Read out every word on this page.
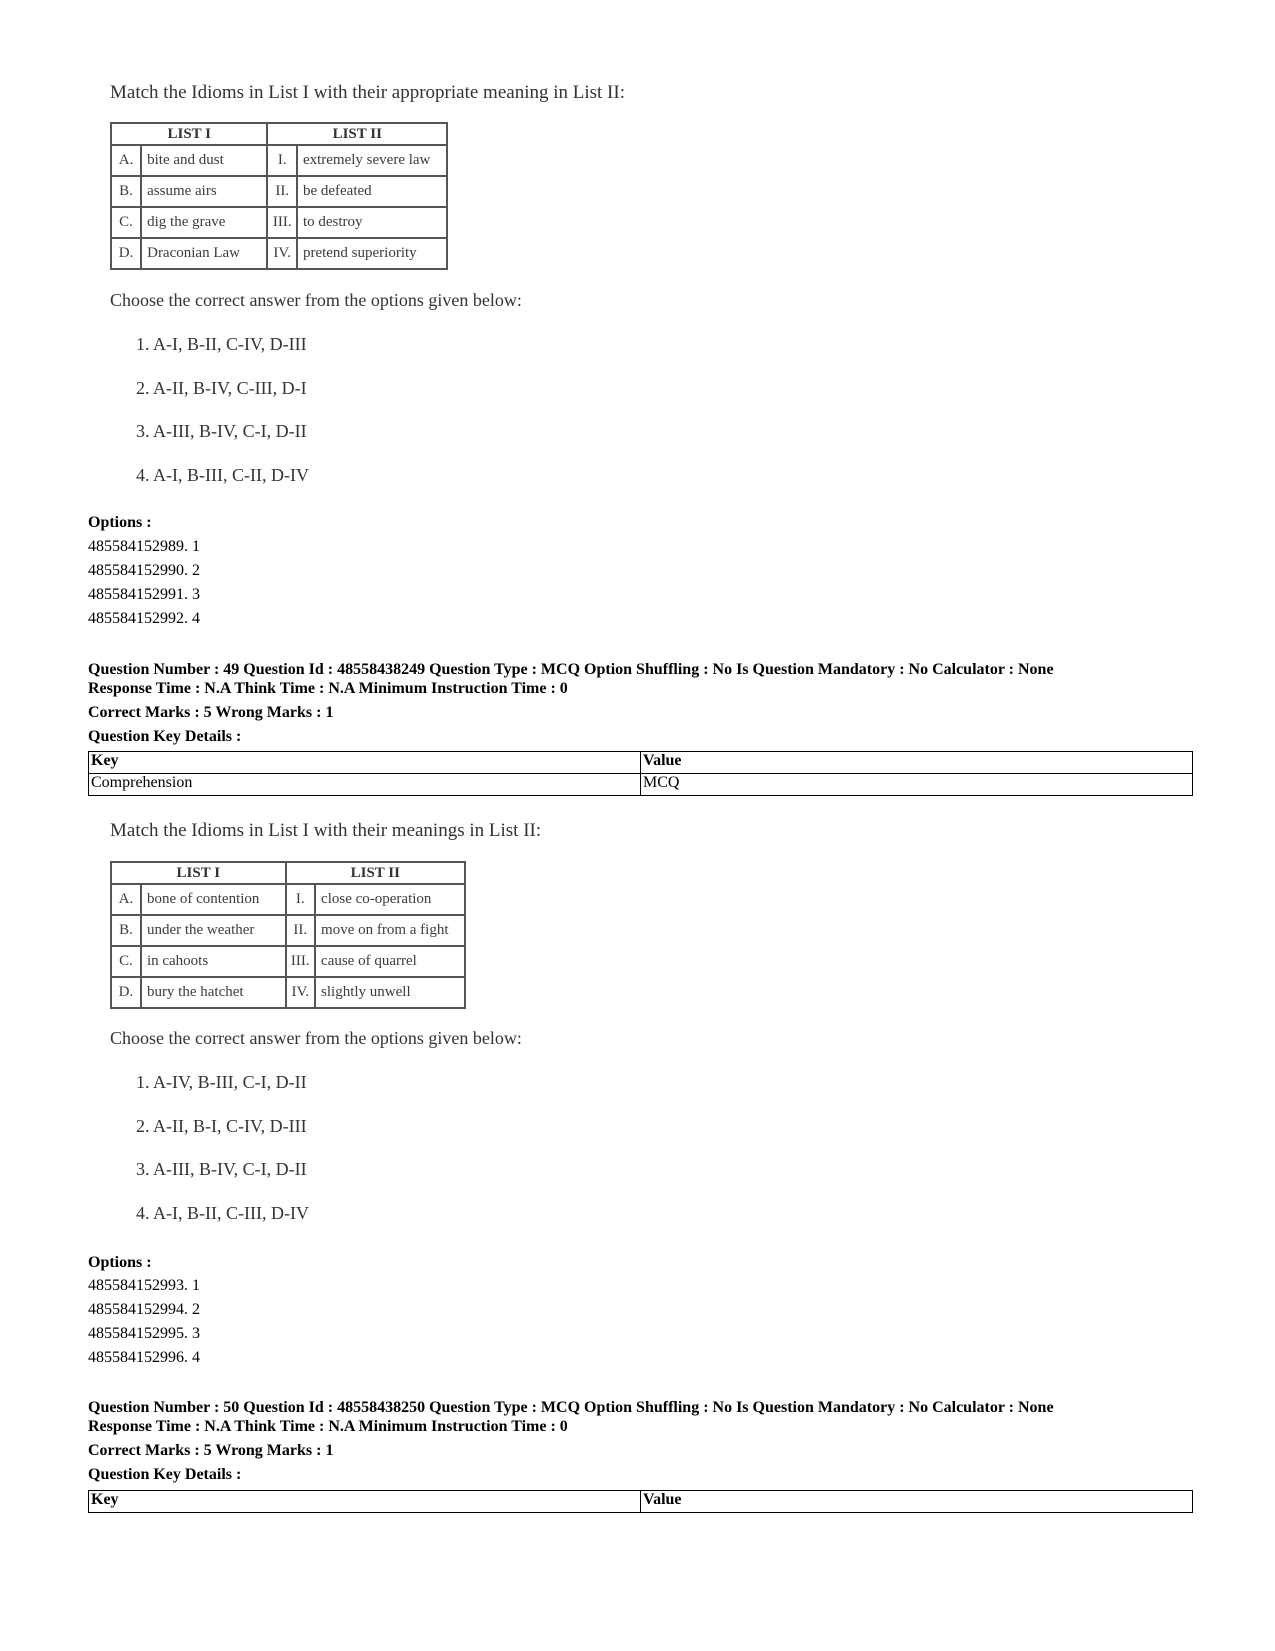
Match the Idioms in List I with their appropriate meaning in List II:
LIST I		LIST II	
A.	bite and dust	I.	extremely severe law
B.	assume airs	II.	be defeated
C.	dig the grave	III.	to destroy
D.	Draconian Law	IV.	pretend superiority
Choose the correct answer from the options given below:
1. A-I, B-II, C-IV, D-III
2. A-II, B-IV, C-III, D-I
3. A-III, B-IV, C-I, D-II
4. A-I, B-III, C-II, D-IV
Options :
485584152989. 1
485584152990. 2
485584152991. 3
485584152992. 4
Question Number : 49 Question Id : 48558438249 Question Type : MCQ Option Shuffling : No Is Question Mandatory : No Calculator : None
Response Time : N.A Think Time : N.A Minimum Instruction Time : 0
Correct Marks : 5 Wrong Marks : 1
Question Key Details :
Key	Value
Comprehension	MCQ
Match the Idioms in List I with their meanings in List II:
LIST I		LIST II	
A.	bone of contention	I.	close co-operation
B.	under the weather	II.	move on from a fight
C.	in cahoots	III.	cause of quarrel
D.	bury the hatchet	IV.	slightly unwell
Choose the correct answer from the options given below:
1. A-IV, B-III, C-I, D-II
2. A-II, B-I, C-IV, D-III
3. A-III, B-IV, C-I, D-II
4. A-I, B-II, C-III, D-IV
Options :
485584152993. 1
485584152994. 2
485584152995. 3
485584152996. 4
Question Number : 50 Question Id : 48558438250 Question Type : MCQ Option Shuffling : No Is Question Mandatory : No Calculator : None
Response Time : N.A Think Time : N.A Minimum Instruction Time : 0
Correct Marks : 5 Wrong Marks : 1
Question Key Details :
Key	Value
